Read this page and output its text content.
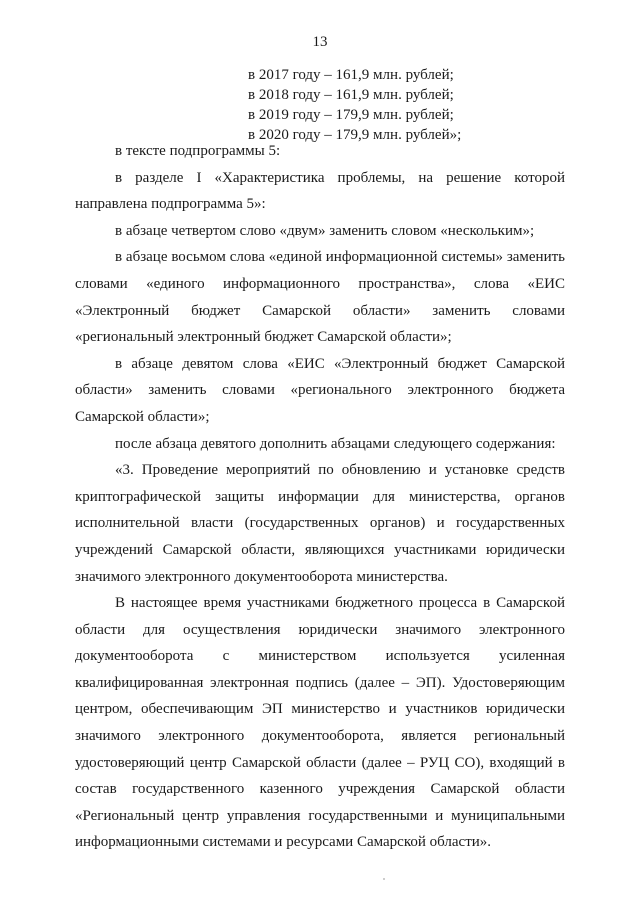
13
в 2017 году – 161,9 млн. рублей;
в 2018 году – 161,9 млн. рублей;
в 2019 году – 179,9 млн. рублей;
в 2020 году – 179,9 млн. рублей»;

в тексте подпрограммы 5:

в разделе I «Характеристика проблемы, на решение которой направлена подпрограмма 5»:

в абзаце четвертом слово «двум» заменить словом «нескольким»;

в абзаце восьмом слова «единой информационной системы» заменить словами «единого информационного пространства», слова «ЕИС «Электронный бюджет Самарской области» заменить словами «региональный электронный бюджет Самарской области»;

в абзаце девятом слова «ЕИС «Электронный бюджет Самарской области» заменить словами «регионального электронного бюджета Самарской области»;

после абзаца девятого дополнить абзацами следующего содержания:

«3. Проведение мероприятий по обновлению и установке средств криптографической защиты информации для министерства, органов исполнительной власти (государственных органов) и государственных учреждений Самарской области, являющихся участниками юридически значимого электронного документооборота министерства.

В настоящее время участниками бюджетного процесса в Самарской области для осуществления юридически значимого электронного документооборота с министерством используется усиленная квалифицированная электронная подпись (далее – ЭП). Удостоверяющим центром, обеспечивающим ЭП министерство и участников юридически значимого электронного документооборота, является региональный удостоверяющий центр Самарской области (далее – РУЦ СО), входящий в состав государственного казенного учреждения Самарской области «Региональный центр управления государственными и муниципальными информационными системами и ресурсами Самарской области».
